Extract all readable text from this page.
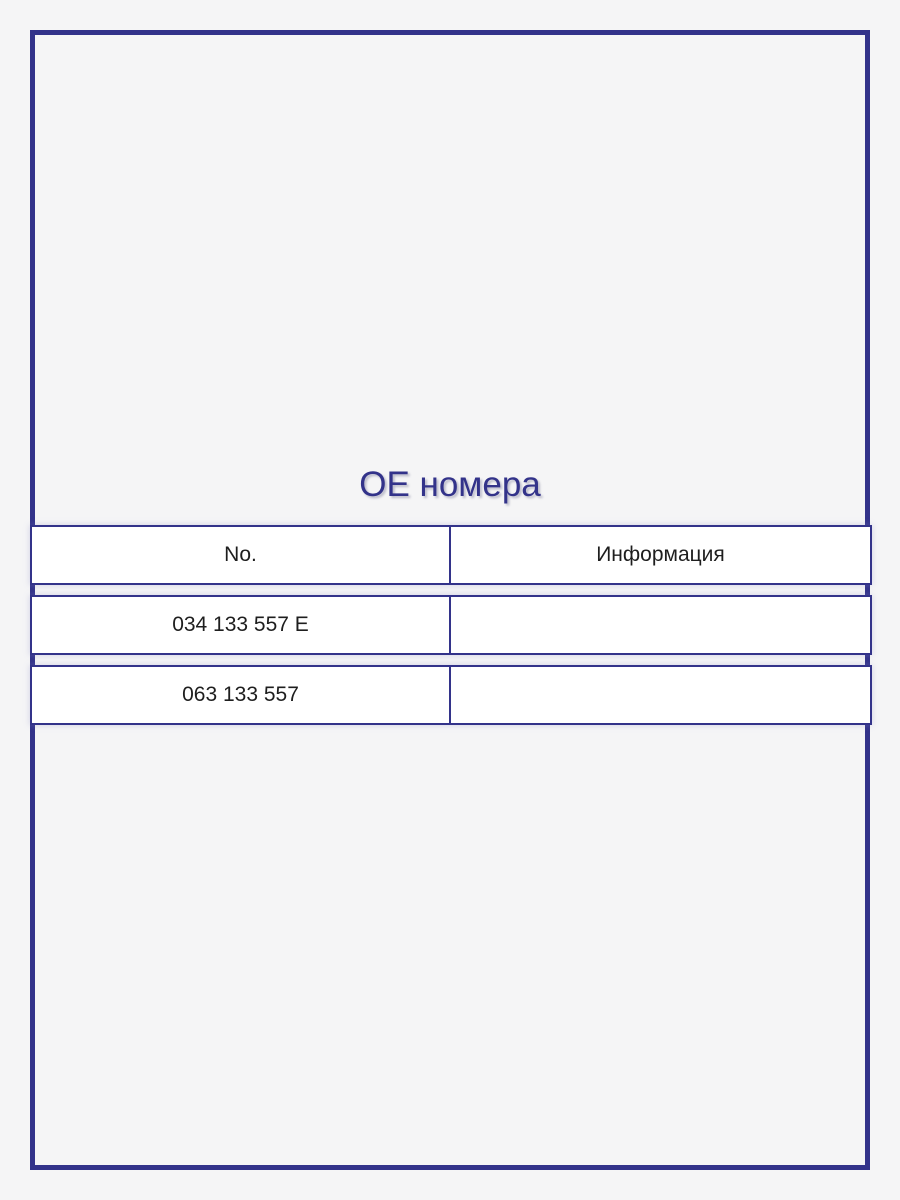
OE номера
No.	Информация
034 133 557 E
063 133 557
